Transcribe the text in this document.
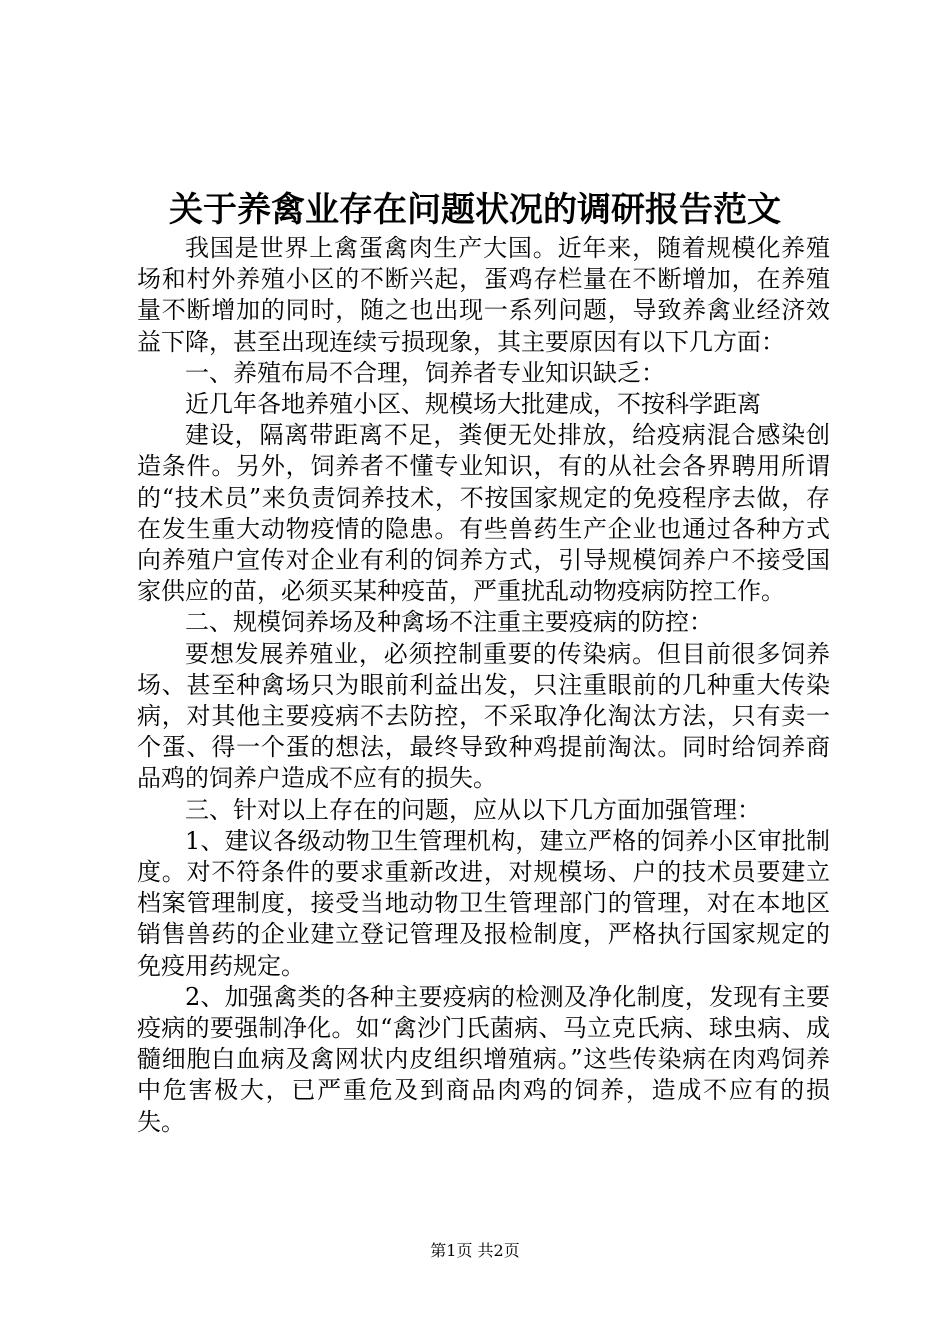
关于养禽业存在问题状况的调研报告范文

我国是世界上禽蛋禽肉生产大国。近年来，随着规模化养殖场和村外养殖小区的不断兴起，蛋鸡存栏量在不断增加，在养殖量不断增加的同时，随之也出现一系列问题，导致养禽业经济效益下降，甚至出现连续亏损现象，其主要原因有以下几方面：

一、养殖布局不合理，饲养者专业知识缺乏：

近几年各地养殖小区、规模场大批建成，不按科学距离

建设，隔离带距离不足，粪便无处排放，给疫病混合感染创造条件。另外，饲养者不懂专业知识，有的从社会各界聘用所谓的“技术员”来负责饲养技术，不按国家规定的免疫程序去做，存在发生重大动物疫情的隐患。有些兽药生产企业也通过各种方式向养殖户宣传对企业有利的饲养方式，引导规模饲养户不接受国家供应的苗，必须买某种疫苗，严重扰乱动物疫病防控工作。

二、规模饲养场及种禽场不注重主要疫病的防控：

要想发展养殖业，必须控制重要的传染病。但目前很多饲养场、甚至种禽场只为眼前利益出发，只注重眼前的几种重大传染病，对其他主要疫病不去防控，不采取净化淘汰方法，只有卖一个蛋、得一个蛋的想法，最终导致种鸡提前淘汰。同时给饲养商品鸡的饲养户造成不应有的损失。

三、针对以上存在的问题，应从以下几方面加强管理：

1、建议各级动物卫生管理机构，建立严格的饲养小区审批制度。对不符条件的要求重新改进，对规模场、户的技术员要建立档案管理制度，接受当地动物卫生管理部门的管理，对在本地区销售兽药的企业建立登记管理及报检制度，严格执行国家规定的免疫用药规定。

2、加强禽类的各种主要疫病的检测及净化制度，发现有主要疫病的要强制净化。如“禽沙门氏菌病、马立克氏病、球虫病、成髓细胞白血病及禽网状内皮组织增殖病。”这些传染病在肉鸡饲养中危害极大，已严重危及到商品肉鸡的饲养，造成不应有的损失。

第1页 共2页
